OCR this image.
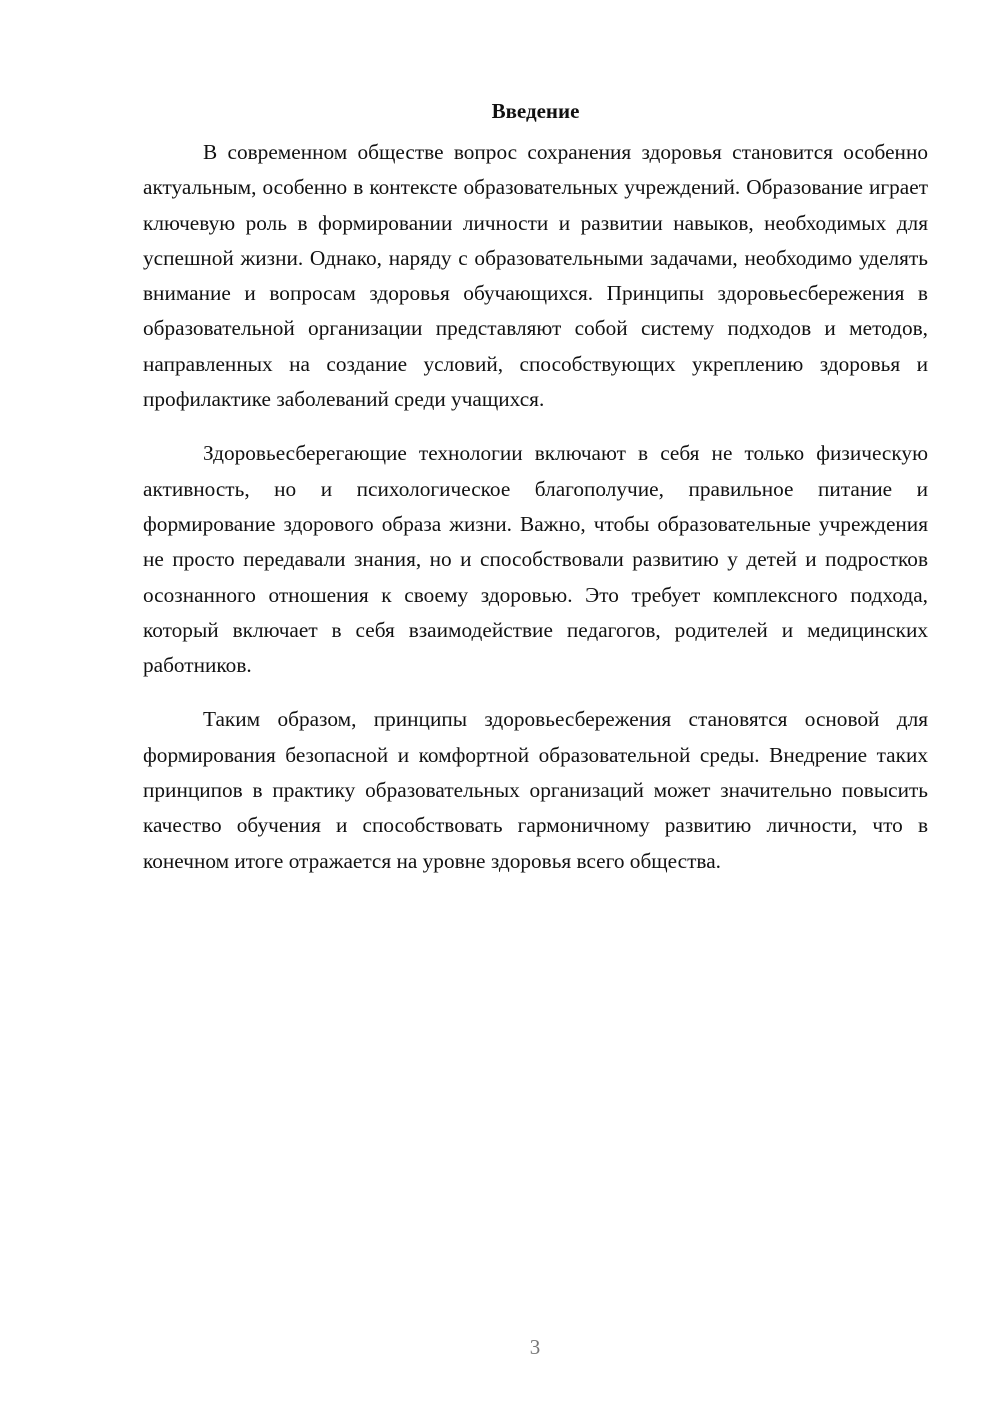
Введение

В современном обществе вопрос сохранения здоровья становится особенно актуальным, особенно в контексте образовательных учреждений. Образование играет ключевую роль в формировании личности и развитии навыков, необходимых для успешной жизни. Однако, наряду с образовательными задачами, необходимо уделять внимание и вопросам здоровья обучающихся. Принципы здоровьесбережения в образовательной организации представляют собой систему подходов и методов, направленных на создание условий, способствующих укреплению здоровья и профилактике заболеваний среди учащихся.

Здоровьесберегающие технологии включают в себя не только физическую активность, но и психологическое благополучие, правильное питание и формирование здорового образа жизни. Важно, чтобы образовательные учреждения не просто передавали знания, но и способствовали развитию у детей и подростков осознанного отношения к своему здоровью. Это требует комплексного подхода, который включает в себя взаимодействие педагогов, родителей и медицинских работников.

Таким образом, принципы здоровьесбережения становятся основой для формирования безопасной и комфортной образовательной среды. Внедрение таких принципов в практику образовательных организаций может значительно повысить качество обучения и способствовать гармоничному развитию личности, что в конечном итоге отражается на уровне здоровья всего общества.

3
